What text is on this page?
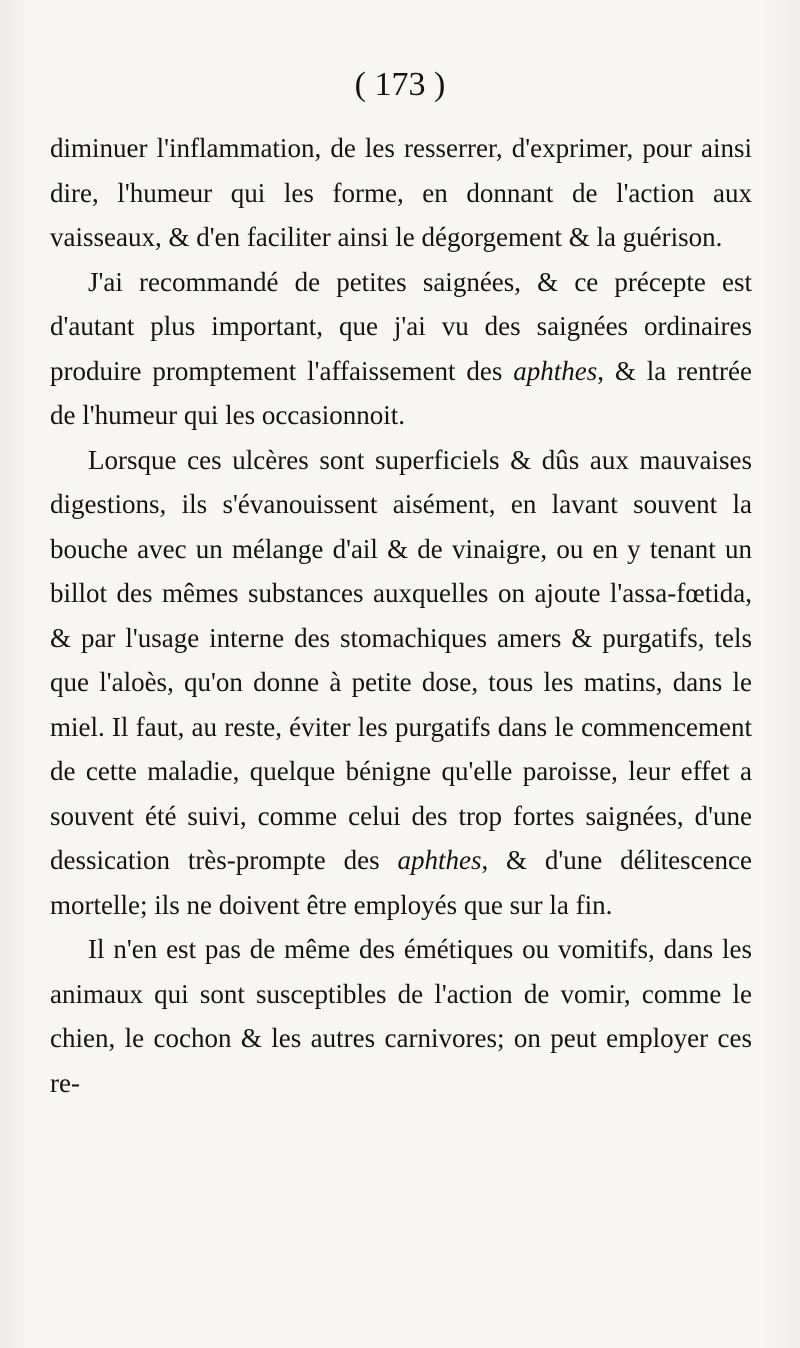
( 173 )

diminuer l'inflammation, de les resserrer, d'exprimer, pour ainsi dire, l'humeur qui les forme, en donnant de l'action aux vaisseaux, & d'en faciliter ainsi le dégorgement & la guérison.

J'ai recommandé de petites saignées, & ce précepte est d'autant plus important, que j'ai vu des saignées ordinaires produire promptement l'affaissement des aphthes, & la rentrée de l'humeur qui les occasionnoit.

Lorsque ces ulcères sont superficiels & dûs aux mauvaises digestions, ils s'évanouissent aisément, en lavant souvent la bouche avec un mélange d'ail & de vinaigre, ou en y tenant un billot des mêmes substances auxquelles on ajoute l'assa-fœtida, & par l'usage interne des stomachiques amers & purgatifs, tels que l'aloès, qu'on donne à petite dose, tous les matins, dans le miel. Il faut, au reste, éviter les purgatifs dans le commencement de cette maladie, quelque bénigne qu'elle paroisse, leur effet a souvent été suivi, comme celui des trop fortes saignées, d'une dessication très-prompte des aphthes, & d'une délitescence mortelle; ils ne doivent être employés que sur la fin.

Il n'en est pas de même des émétiques ou vomitifs, dans les animaux qui sont susceptibles de l'action de vomir, comme le chien, le cochon & les autres carnivores; on peut employer ces re-
